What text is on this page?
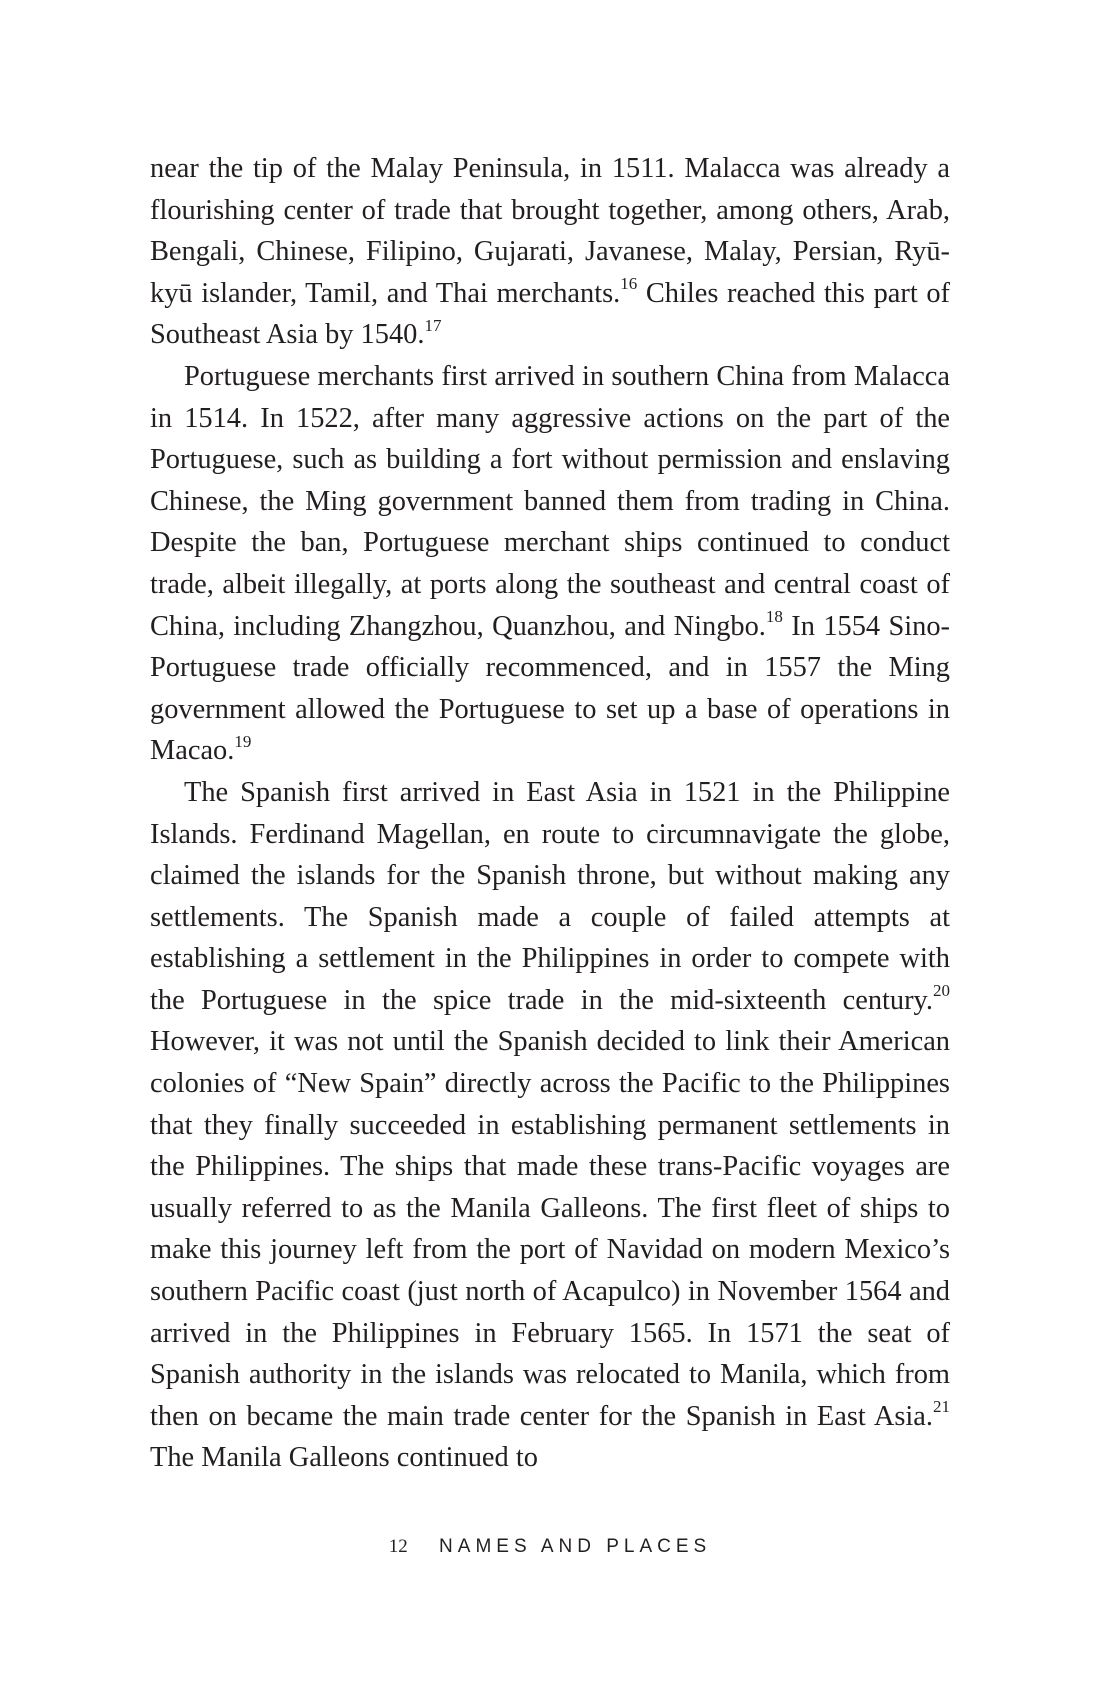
near the tip of the Malay Peninsula, in 1511. Malacca was already a flourishing center of trade that brought together, among others, Arab, Bengali, Chinese, Filipino, Gujarati, Javanese, Malay, Persian, Ryū-kyū islander, Tamil, and Thai merchants.$^{16}$ Chiles reached this part of Southeast Asia by 1540.17

Portuguese merchants first arrived in southern China from Malacca in 1514. In 1522, after many aggressive actions on the part of the Portuguese, such as building a fort without permission and enslaving Chinese, the Ming government banned them from trading in China. Despite the ban, Portuguese merchant ships continued to conduct trade, albeit illegally, at ports along the southeast and central coast of China, including Zhangzhou, Quanzhou, and Ningbo.$^{18}$ In 1554 Sino-Portuguese trade officially recommenced, and in 1557 the Ming government allowed the Portuguese to set up a base of operations in Macao.$^{19}$

The Spanish first arrived in East Asia in 1521 in the Philippine Islands. Ferdinand Magellan, en route to circumnavigate the globe, claimed the islands for the Spanish throne, but without making any settlements. The Spanish made a couple of failed attempts at establishing a settlement in the Philippines in order to compete with the Portuguese in the spice trade in the mid-sixteenth century.$^{20}$ However, it was not until the Spanish decided to link their American colonies of “New Spain” directly across the Pacific to the Philippines that they finally succeeded in establishing permanent settlements in the Philippines. The ships that made these trans-Pacific voyages are usually referred to as the Manila Galleons. The first fleet of ships to make this journey left from the port of Navidad on modern Mexico’s southern Pacific coast (just north of Acapulco) in November 1564 and arrived in the Philippines in February 1565. In 1571 the seat of Spanish authority in the islands was relocated to Manila, which from then on became the main trade center for the Spanish in East Asia.$^{21}$ The Manila Galleons continued to

12 NAMES AND PLACES
